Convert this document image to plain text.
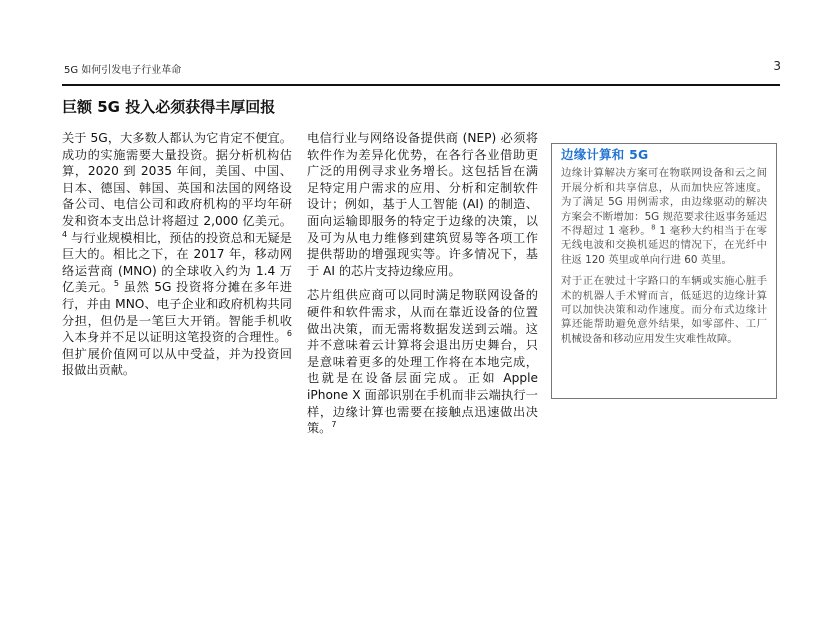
5G 如何引发电子行业革命	3
巨额 5G 投入必须获得丰厚回报

关于 5G，大多数人都认为它肯定不便宜。成功的实施需要大量投资。据分析机构估算，2020 到 2035 年间，美国、中国、日本、德国、韩国、英国和法国的网络设备公司、电信公司和政府机构的平均年研发和资本支出总计将超过 2,000 亿美元。$^4$ 与行业规模相比，预估的投资总和无疑是巨大的。相比之下，在 2017 年，移动网络运营商 (MNO) 的全球收入约为 1.4 万亿美元。$^5$ 虽然 5G 投资将分摊在多年进行，并由 MNO、电子企业和政府机构共同分担，但仍是一笔巨大开销。智能手机收入本身并不足以证明这笔投资的合理性。$^6$ 但扩展价值网可以从中受益，并为投资回报做出贡献。

电信行业与网络设备提供商 (NEP) 必须将软件作为差异化优势，在各行各业借助更广泛的用例寻求业务增长。这包括旨在满足特定用户需求的应用、分析和定制软件设计；例如，基于人工智能 (AI) 的制造、面向运输即服务的特定于边缘的决策，以及可为从电力维修到建筑贸易等各项工作提供帮助的增强现实等。许多情况下，基于 AI 的芯片支持边缘应用。

芯片组供应商可以同时满足物联网设备的硬件和软件需求，从而在靠近设备的位置做出决策，而无需将数据发送到云端。这并不意味着云计算将会退出历史舞台，只是意味着更多的处理工作将在本地完成，也就是在设备层面完成。正如 Apple iPhone X 面部识别在手机而非云端执行一样，边缘计算也需要在接触点迅速做出决策。$^7$

边缘计算和 5G

边缘计算解决方案可在物联网设备和云之间开展分析和共享信息，从而加快应答速度。为了满足 5G 用例需求，由边缘驱动的解决方案会不断增加：5G 规范要求往返事务延迟不得超过 1 毫秒。$^8$ 1 毫秒大约相当于在零无线电波和交换机延迟的情况下，在光纤中往返 120 英里或单向行进 60 英里。

对于正在驶过十字路口的车辆或实施心脏手术的机器人手术臂而言，低延迟的边缘计算可以加快决策和动作速度。而分布式边缘计算还能帮助避免意外结果，如零部件、工厂机械设备和移动应用发生灾难性故障。
